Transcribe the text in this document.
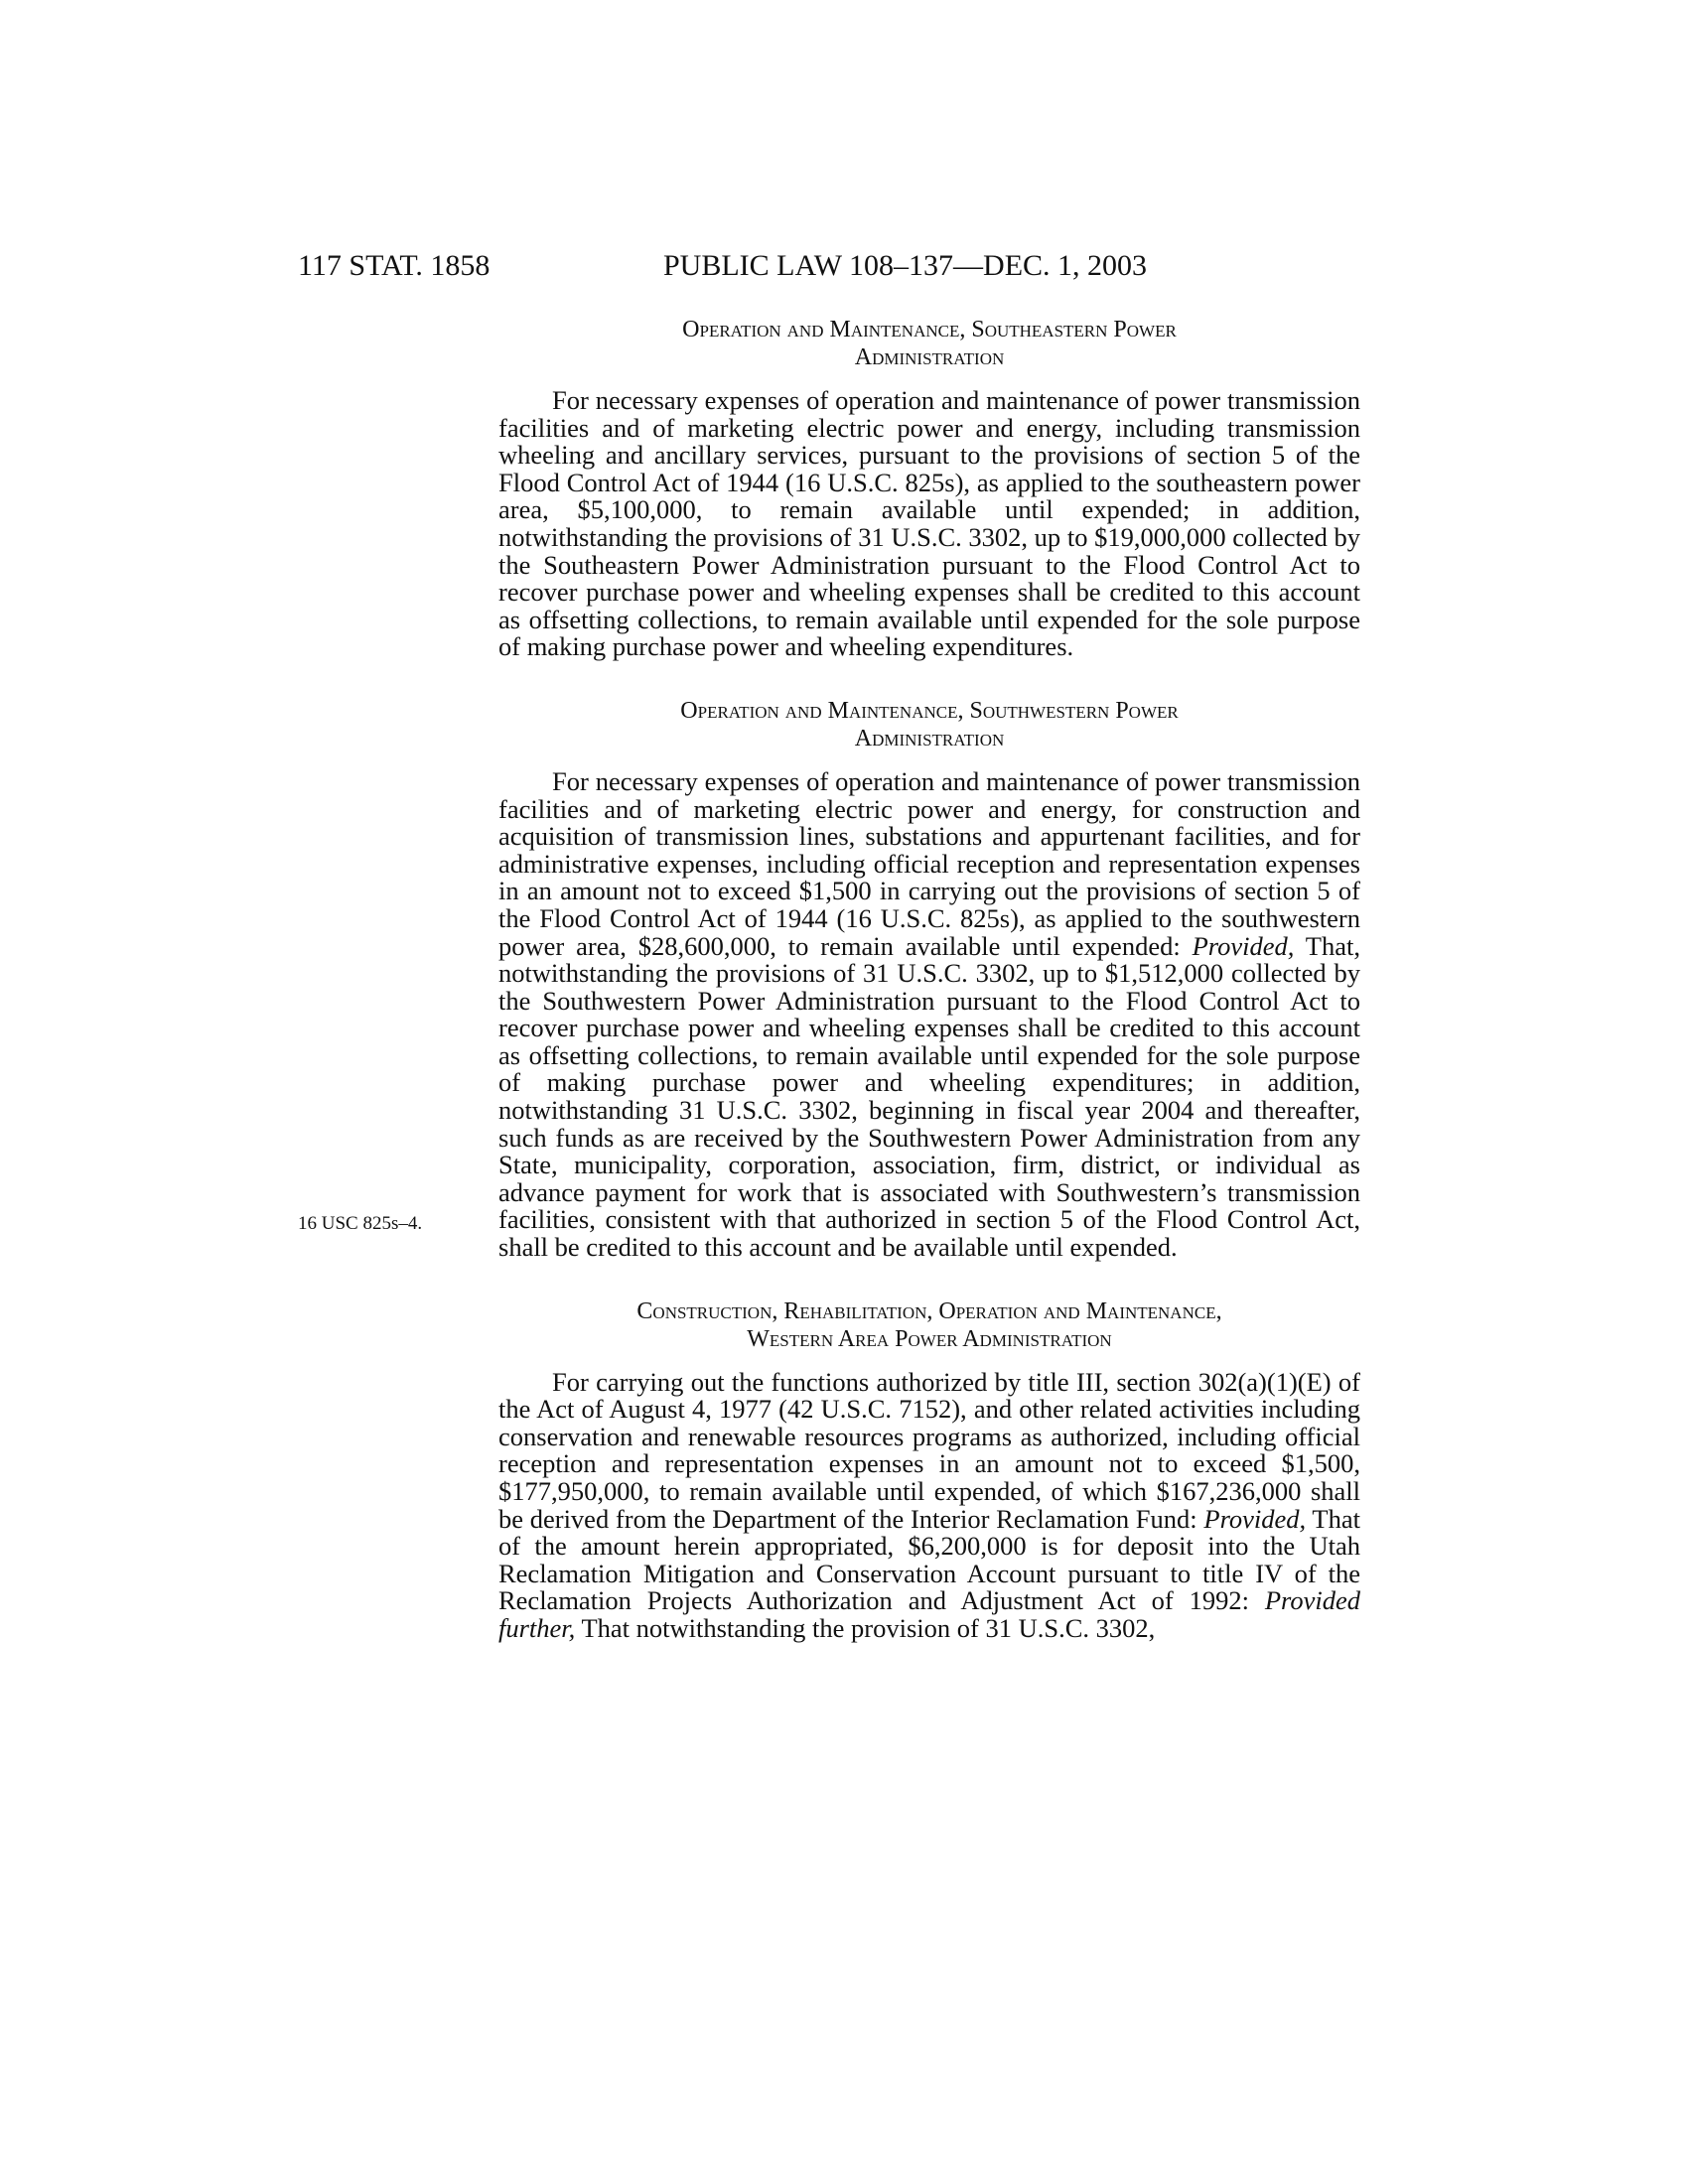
117 STAT. 1858	PUBLIC LAW 108–137—DEC. 1, 2003
16 USC 825s–4.
Operation and Maintenance, Southeastern Power
Administration

For necessary expenses of operation and maintenance of power transmission facilities and of marketing electric power and energy, including transmission wheeling and ancillary services, pursuant to the provisions of section 5 of the Flood Control Act of 1944 (16 U.S.C. 825s), as applied to the southeastern power area, $5,100,000, to remain available until expended; in addition, notwithstanding the provisions of 31 U.S.C. 3302, up to $19,000,000 collected by the Southeastern Power Administration pursuant to the Flood Control Act to recover purchase power and wheeling expenses shall be credited to this account as offsetting collections, to remain available until expended for the sole purpose of making purchase power and wheeling expenditures.

Operation and Maintenance, Southwestern Power
Administration

For necessary expenses of operation and maintenance of power transmission facilities and of marketing electric power and energy, for construction and acquisition of transmission lines, substations and appurtenant facilities, and for administrative expenses, including official reception and representation expenses in an amount not to exceed $1,500 in carrying out the provisions of section 5 of the Flood Control Act of 1944 (16 U.S.C. 825s), as applied to the southwestern power area, $28,600,000, to remain available until expended: Provided, That, notwithstanding the provisions of 31 U.S.C. 3302, up to $1,512,000 collected by the Southwestern Power Administration pursuant to the Flood Control Act to recover purchase power and wheeling expenses shall be credited to this account as offsetting collections, to remain available until expended for the sole purpose of making purchase power and wheeling expenditures; in addition, notwithstanding 31 U.S.C. 3302, beginning in fiscal year 2004 and thereafter, such funds as are received by the Southwestern Power Administration from any State, municipality, corporation, association, firm, district, or individual as advance payment for work that is associated with Southwestern’s transmission facilities, consistent with that authorized in section 5 of the Flood Control Act, shall be credited to this account and be available until expended.

Construction, Rehabilitation, Operation and Maintenance,
Western Area Power Administration

For carrying out the functions authorized by title III, section 302(a)(1)(E) of the Act of August 4, 1977 (42 U.S.C. 7152), and other related activities including conservation and renewable resources programs as authorized, including official reception and representation expenses in an amount not to exceed $1,500, $177,950,000, to remain available until expended, of which $167,236,000 shall be derived from the Department of the Interior Reclamation Fund: Provided, That of the amount herein appropriated, $6,200,000 is for deposit into the Utah Reclamation Mitigation and Conservation Account pursuant to title IV of the Reclamation Projects Authorization and Adjustment Act of 1992: Provided further, That notwithstanding the provision of 31 U.S.C. 3302,
